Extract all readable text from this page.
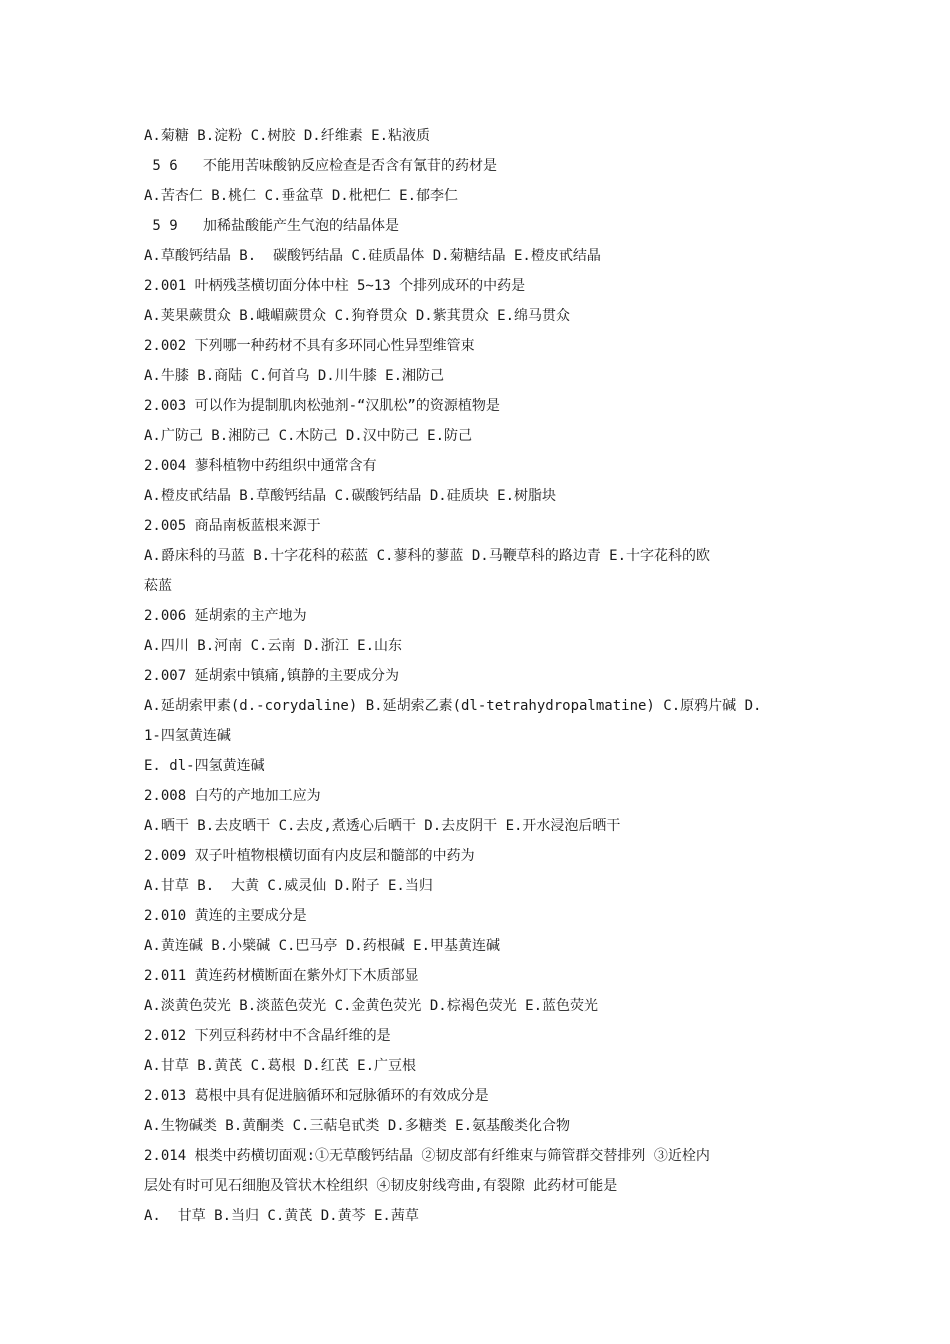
A.菊糖 B.淀粉 C.树胶 D.纤维素 E.粘液质
5 6   不能用苦味酸钠反应检查是否含有氰苷的药材是
A.苦杏仁 B.桃仁 C.垂盆草 D.枇杷仁 E.郁李仁
5 9   加稀盐酸能产生气泡的结晶体是
A.草酸钙结晶 B.  碳酸钙结晶 C.硅质晶体 D.菊糖结晶 E.橙皮甙结晶
2.001 叶柄残茎横切面分体中柱 5~13 个排列成环的中药是
A.荚果蕨贯众 B.峨嵋蕨贯众 C.狗脊贯众 D.紫萁贯众 E.绵马贯众
2.002 下列哪一种药材不具有多环同心性异型维管束
A.牛膝 B.商陆 C.何首乌 D.川牛膝 E.湘防己
2.003 可以作为提制肌肉松弛剂-“汉肌松”的资源植物是
A.广防己 B.湘防己 C.木防己 D.汉中防己 E.防己
2.004 蓼科植物中药组织中通常含有
A.橙皮甙结晶 B.草酸钙结晶 C.碳酸钙结晶 D.硅质块 E.树脂块
2.005 商品南板蓝根来源于
A.爵床科的马蓝 B.十字花科的菘蓝 C.蓼科的蓼蓝 D.马鞭草科的路边青 E.十字花科的欧
菘蓝
2.006 延胡索的主产地为
A.四川 B.河南 C.云南 D.浙江 E.山东
2.007 延胡索中镇痛,镇静的主要成分为
A.延胡索甲素(d.-corydaline) B.延胡索乙素(dl-tetrahydropalmatine) C.原鸦片碱 D.
1-四氢黄连碱
E. dl-四氢黄连碱
2.008 白芍的产地加工应为
A.晒干 B.去皮晒干 C.去皮,煮透心后晒干 D.去皮阴干 E.开水浸泡后晒干
2.009 双子叶植物根横切面有内皮层和髓部的中药为
A.甘草 B.  大黄 C.威灵仙 D.附子 E.当归
2.010 黄连的主要成分是
A.黄连碱 B.小檗碱 C.巴马亭 D.药根碱 E.甲基黄连碱
2.011 黄连药材横断面在紫外灯下木质部显
A.淡黄色荧光 B.淡蓝色荧光 C.金黄色荧光 D.棕褐色荧光 E.蓝色荧光
2.012 下列豆科药材中不含晶纤维的是
A.甘草 B.黄芪 C.葛根 D.红芪 E.广豆根
2.013 葛根中具有促进脑循环和冠脉循环的有效成分是
A.生物碱类 B.黄酮类 C.三萜皂甙类 D.多糖类 E.氨基酸类化合物
2.014 根类中药横切面观:①无草酸钙结晶 ②韧皮部有纤维束与筛管群交替排列 ③近栓内
层处有时可见石细胞及管状木栓组织 ④韧皮射线弯曲,有裂隙 此药材可能是
A.  甘草 B.当归 C.黄芪 D.黄芩 E.茜草
